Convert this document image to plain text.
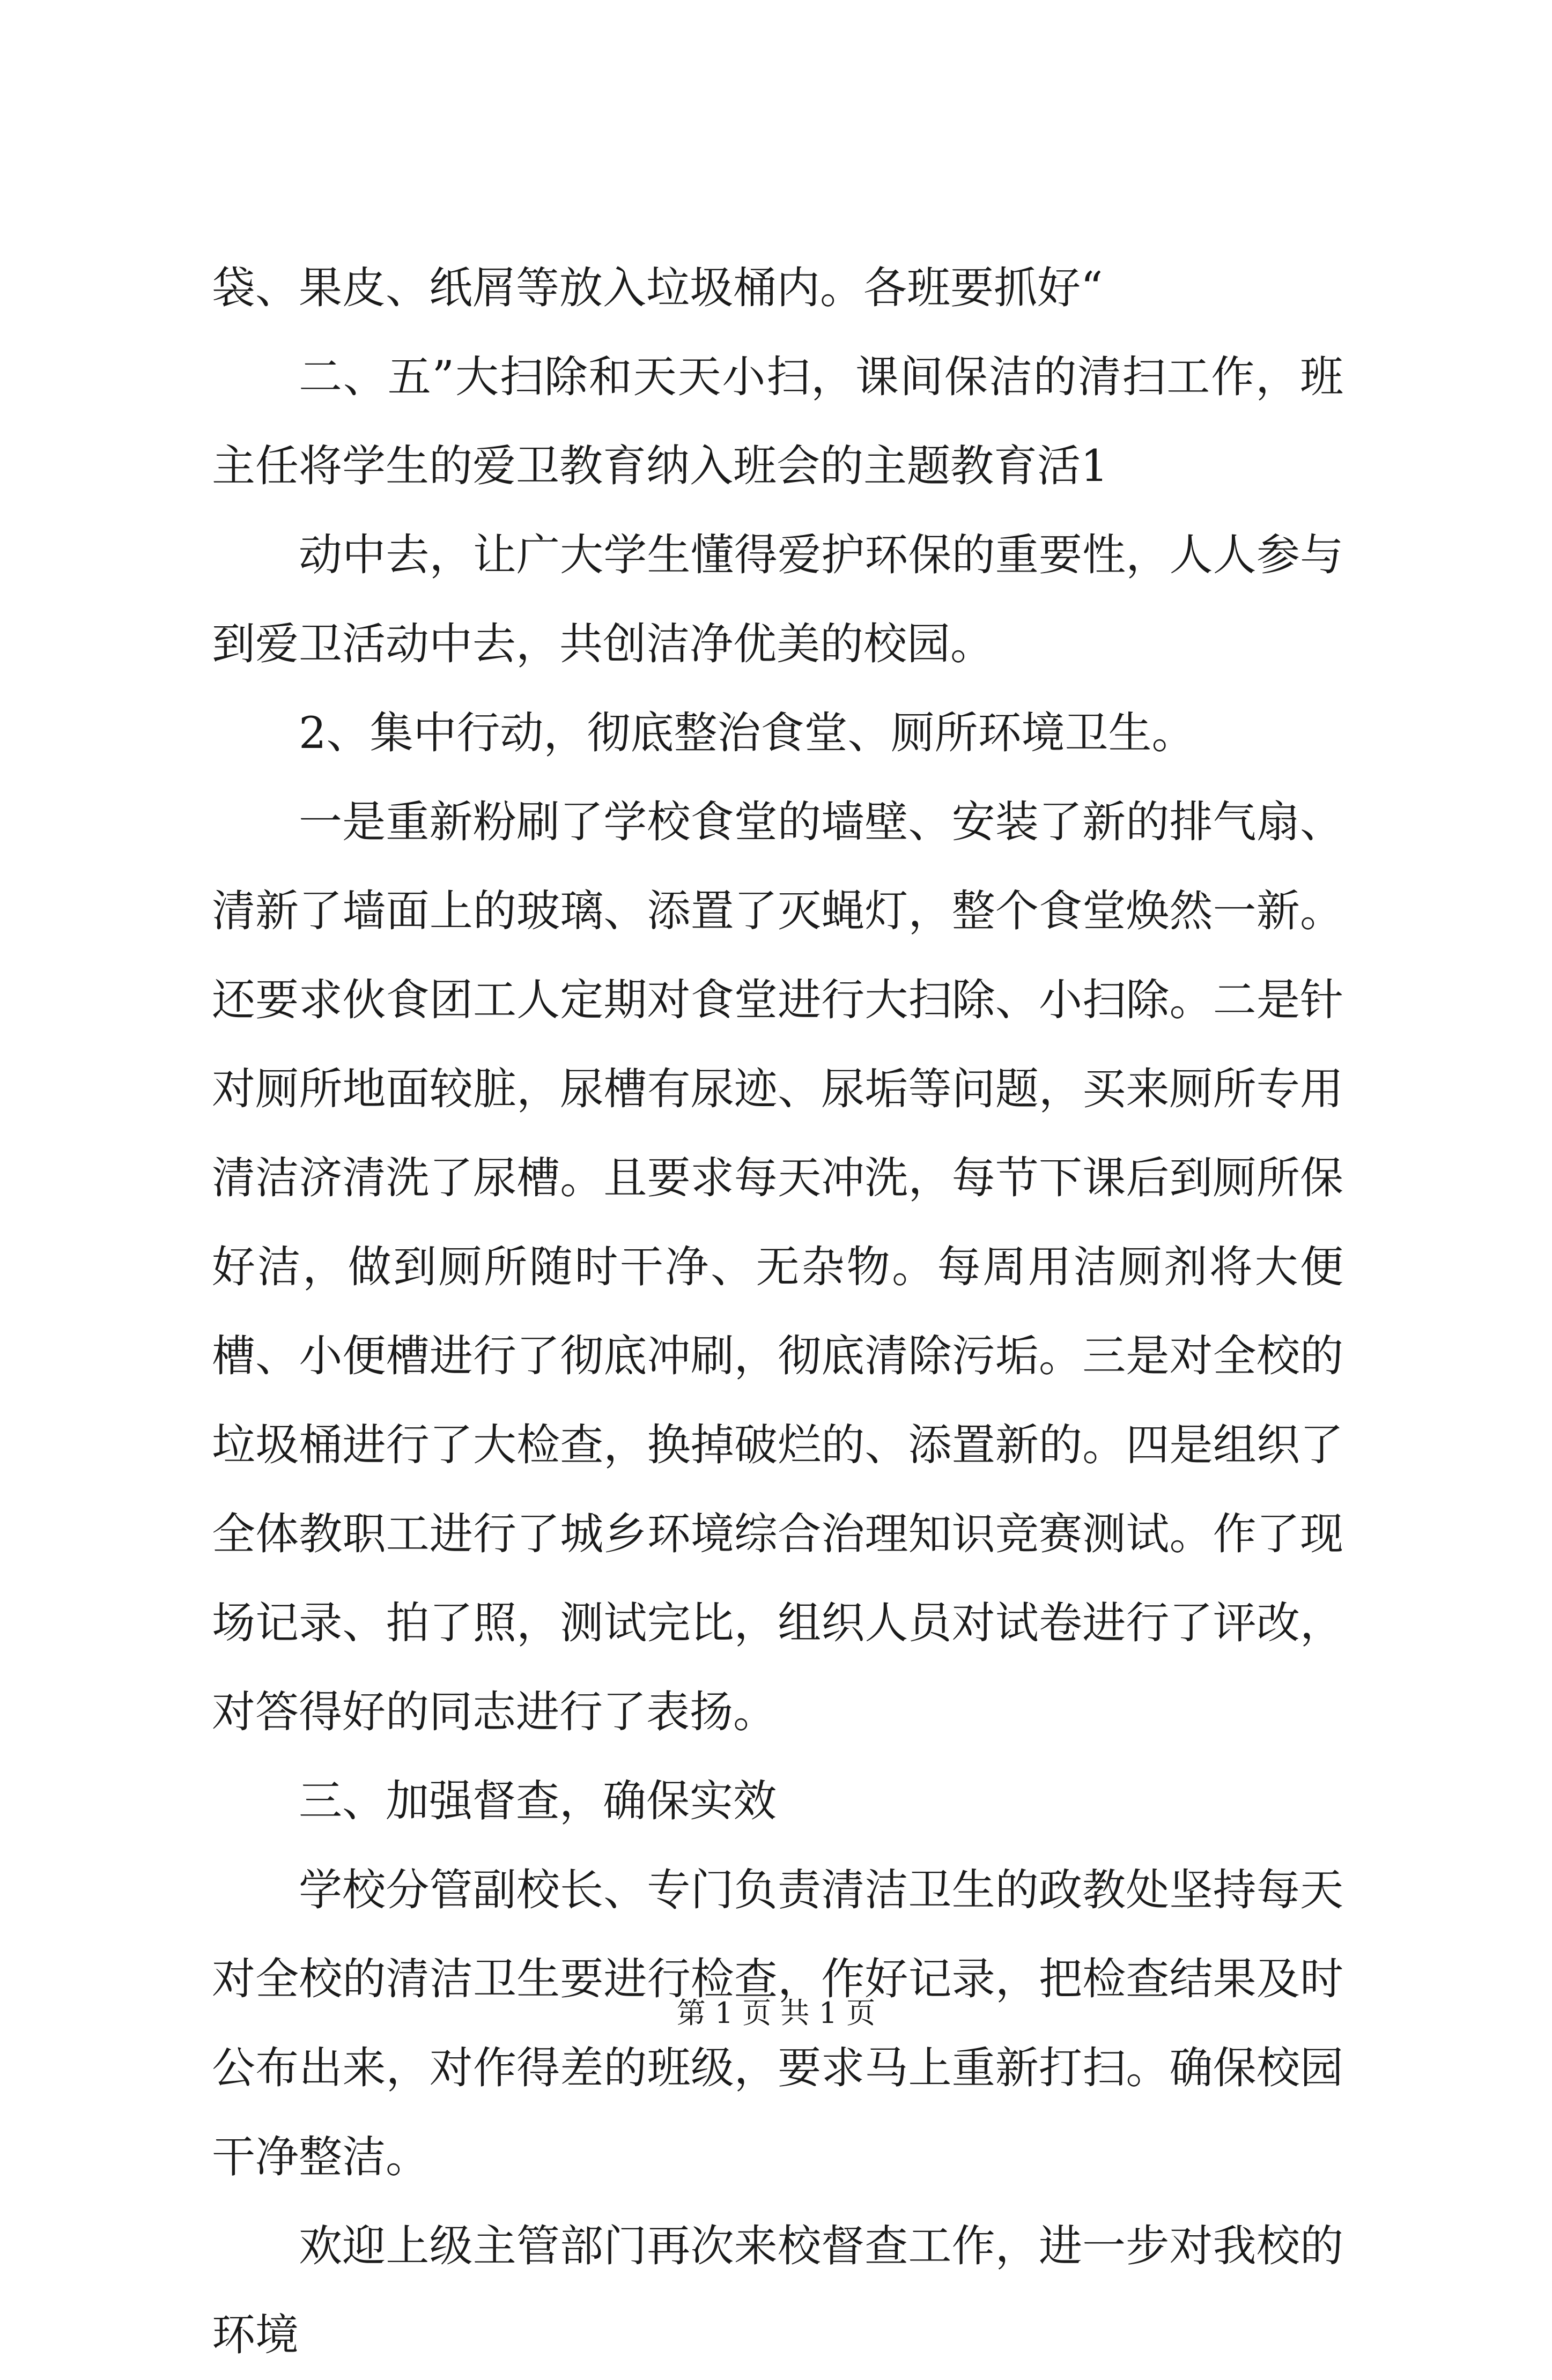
袋、果皮、纸屑等放入垃圾桶内。各班要抓好“

二、五”大扫除和天天小扫，课间保洁的清扫工作，班主任将学生的爱卫教育纳入班会的主题教育活1

动中去，让广大学生懂得爱护环保的重要性，人人参与到爱卫活动中去，共创洁净优美的校园。

2、集中行动，彻底整治食堂、厕所环境卫生。

一是重新粉刷了学校食堂的墙壁、安装了新的排气扇、清新了墙面上的玻璃、添置了灭蝇灯，整个食堂焕然一新。还要求伙食团工人定期对食堂进行大扫除、小扫除。二是针对厕所地面较脏，尿槽有尿迹、尿垢等问题，买来厕所专用清洁济清洗了尿槽。且要求每天冲洗，每节下课后到厕所保好洁，做到厕所随时干净、无杂物。每周用洁厕剂将大便槽、小便槽进行了彻底冲刷，彻底清除污垢。三是对全校的垃圾桶进行了大检查，换掉破烂的、添置新的。四是组织了全体教职工进行了城乡环境综合治理知识竞赛测试。作了现场记录、拍了照，测试完比，组织人员对试卷进行了评改，对答得好的同志进行了表扬。

三、加强督查，确保实效

学校分管副校长、专门负责清洁卫生的政教处坚持每天对全校的清洁卫生要进行检查，作好记录，把检查结果及时公布出来，对作得差的班级，要求马上重新打扫。确保校园干净整洁。

欢迎上级主管部门再次来校督查工作，进一步对我校的环境

第 1 页 共 1 页
